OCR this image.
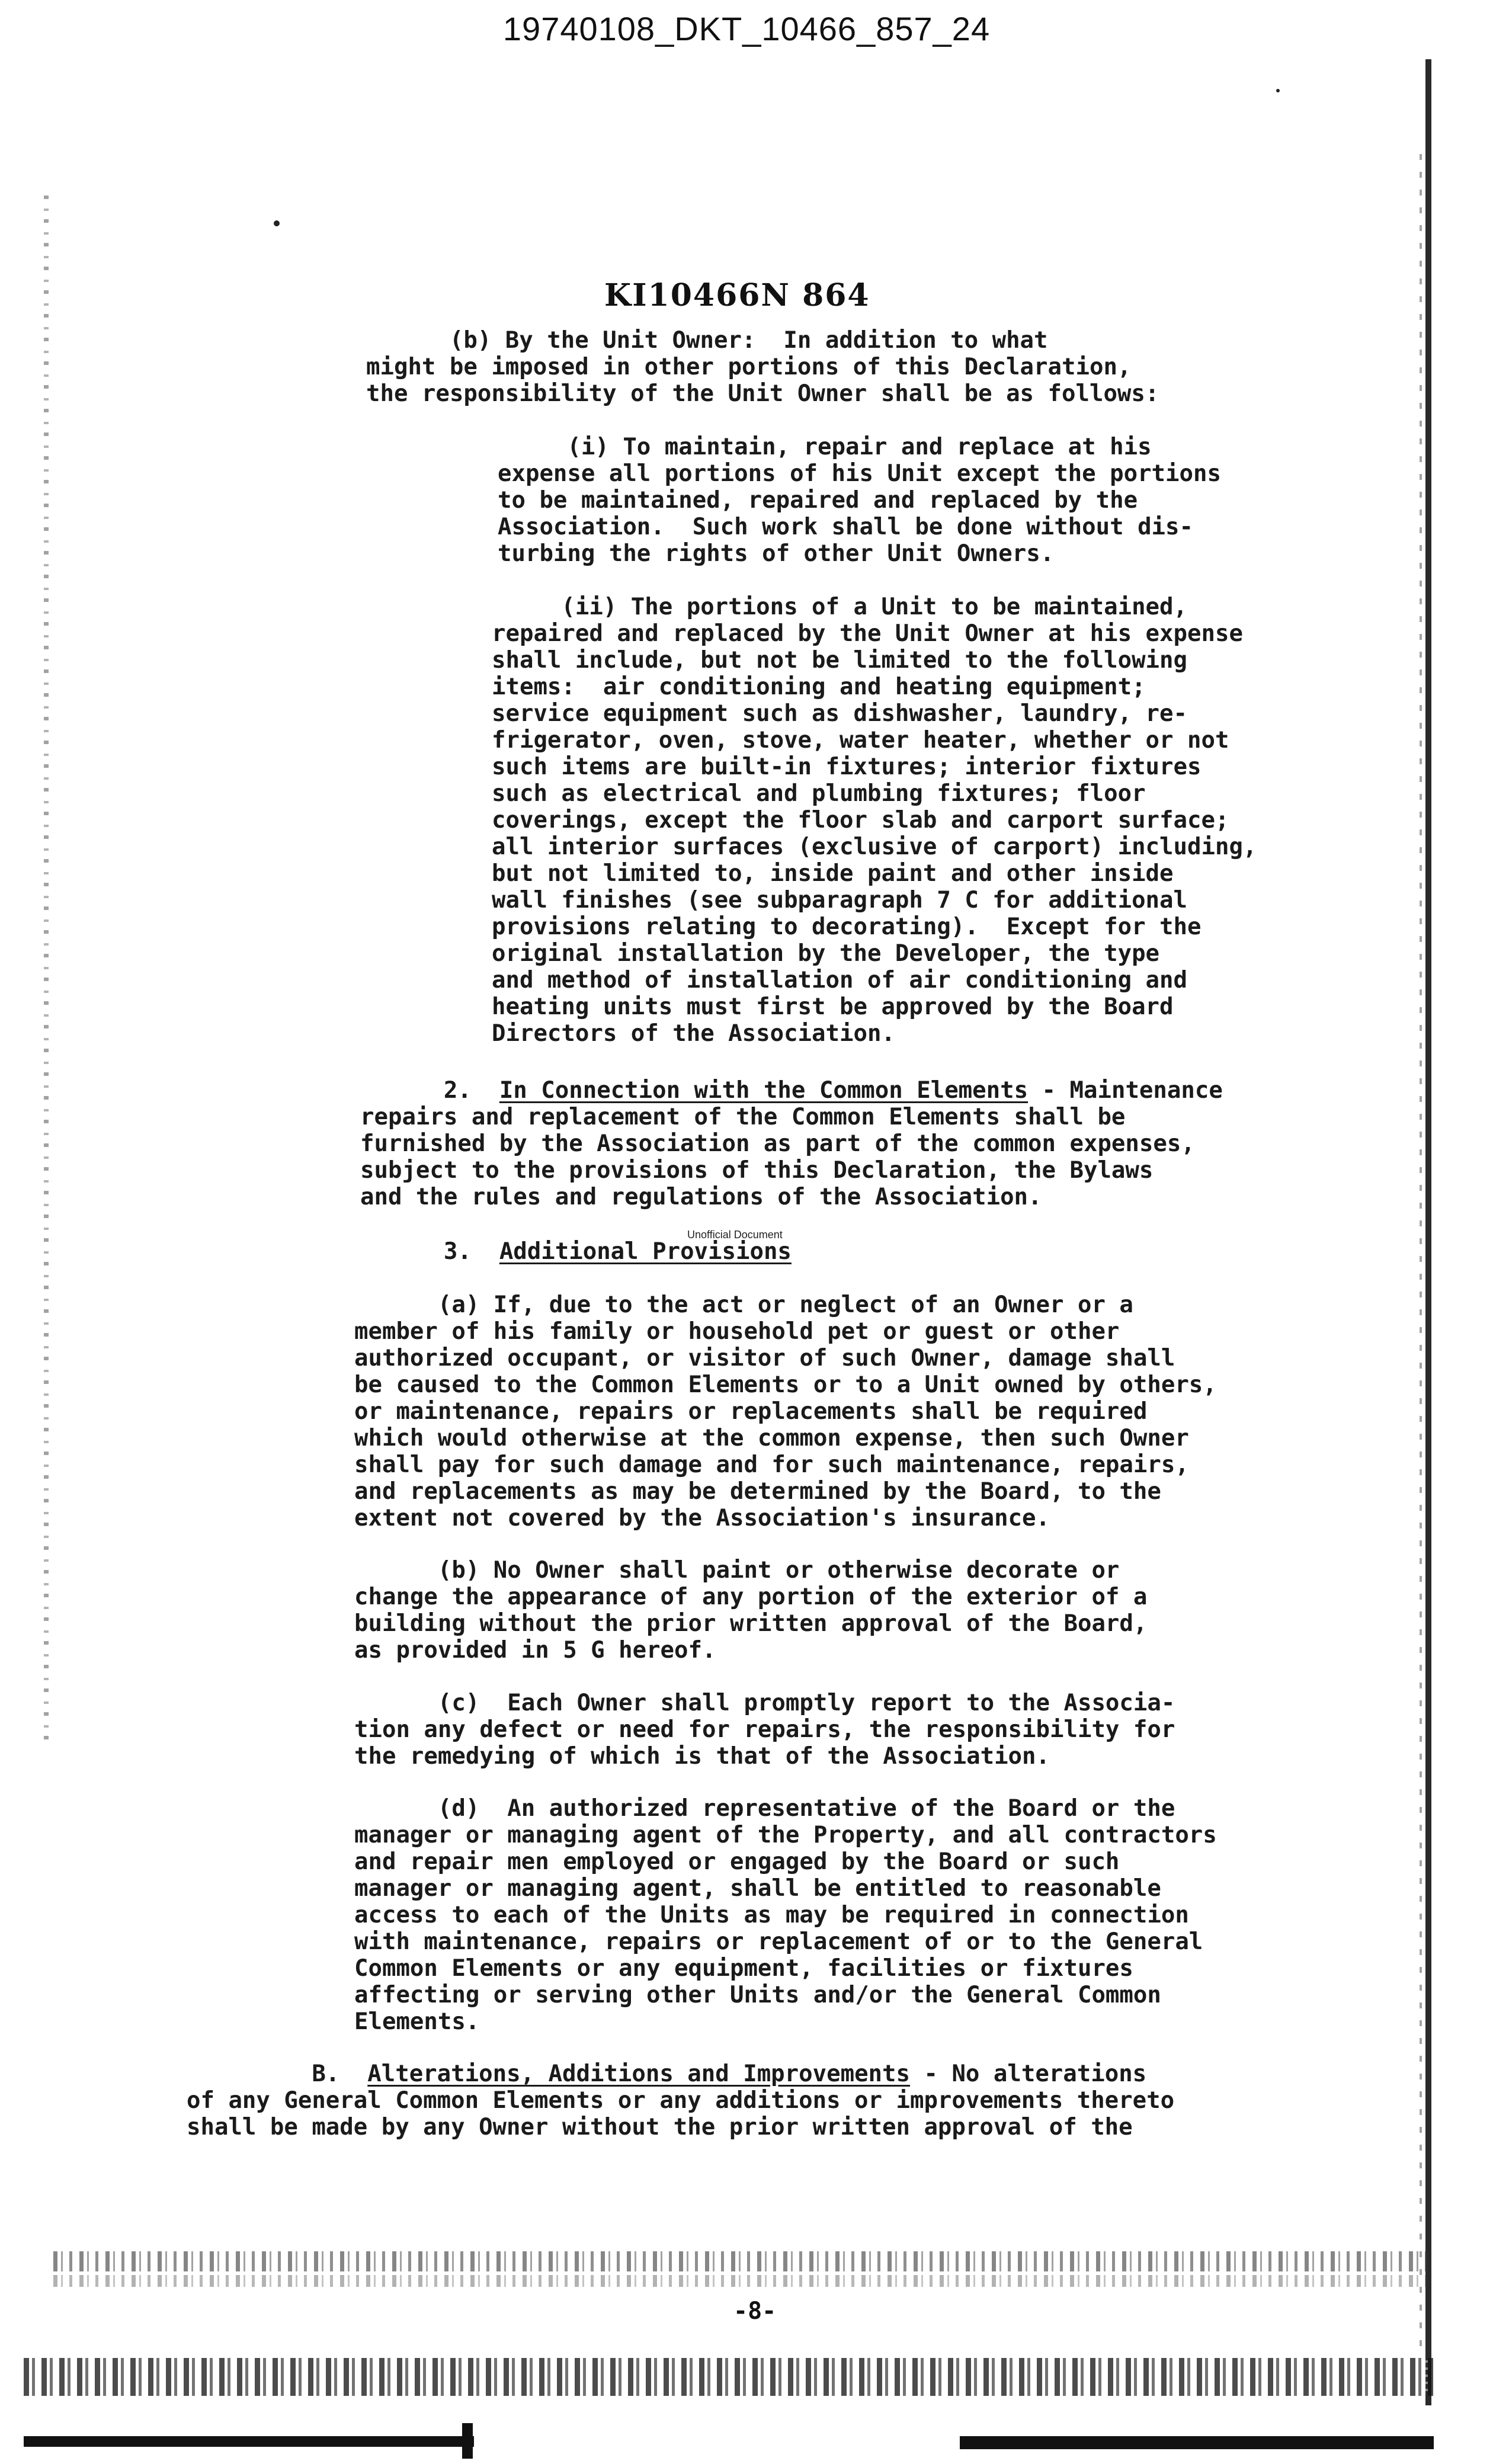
19740108_DKT_10466_857_24
KI10466N 864
(b) By the Unit Owner:  In addition to what
might be imposed in other portions of this Declaration,
the responsibility of the Unit Owner shall be as follows:
(i) To maintain, repair and replace at his
expense all portions of his Unit except the portions
to be maintained, repaired and replaced by the
Association.  Such work shall be done without dis-
turbing the rights of other Unit Owners.
(ii) The portions of a Unit to be maintained,
repaired and replaced by the Unit Owner at his expense
shall include, but not be limited to the following
items:  air conditioning and heating equipment;
service equipment such as dishwasher, laundry, re-
frigerator, oven, stove, water heater, whether or not
such items are built-in fixtures; interior fixtures
such as electrical and plumbing fixtures; floor
coverings, except the floor slab and carport surface;
all interior surfaces (exclusive of carport) including,
but not limited to, inside paint and other inside
wall finishes (see subparagraph 7 C for additional
provisions relating to decorating).  Except for the
original installation by the Developer, the type
and method of installation of air conditioning and
heating units must first be approved by the Board
Directors of the Association.
2. In Connection with the Common Elements - Maintenance
repairs and replacement of the Common Elements shall be
furnished by the Association as part of the common expenses,
subject to the provisions of this Declaration, the Bylaws
and the rules and regulations of the Association.
Unofficial Document
3. Additional Provisions
(a) If, due to the act or neglect of an Owner or a
member of his family or household pet or guest or other
authorized occupant, or visitor of such Owner, damage shall
be caused to the Common Elements or to a Unit owned by others,
or maintenance, repairs or replacements shall be required
which would otherwise at the common expense, then such Owner
shall pay for such damage and for such maintenance, repairs,
and replacements as may be determined by the Board, to the
extent not covered by the Association's insurance.
(b) No Owner shall paint or otherwise decorate or
change the appearance of any portion of the exterior of a
building without the prior written approval of the Board,
as provided in 5 G hereof.
(c)  Each Owner shall promptly report to the Associa-
tion any defect or need for repairs, the responsibility for
the remedying of which is that of the Association.
(d)  An authorized representative of the Board or the
manager or managing agent of the Property, and all contractors
and repair men employed or engaged by the Board or such
manager or managing agent, shall be entitled to reasonable
access to each of the Units as may be required in connection
with maintenance, repairs or replacement of or to the General
Common Elements or any equipment, facilities or fixtures
affecting or serving other Units and/or the General Common
Elements.
B. Alterations, Additions and Improvements - No alterations
of any General Common Elements or any additions or improvements thereto
shall be made by any Owner without the prior written approval of the
-8-
